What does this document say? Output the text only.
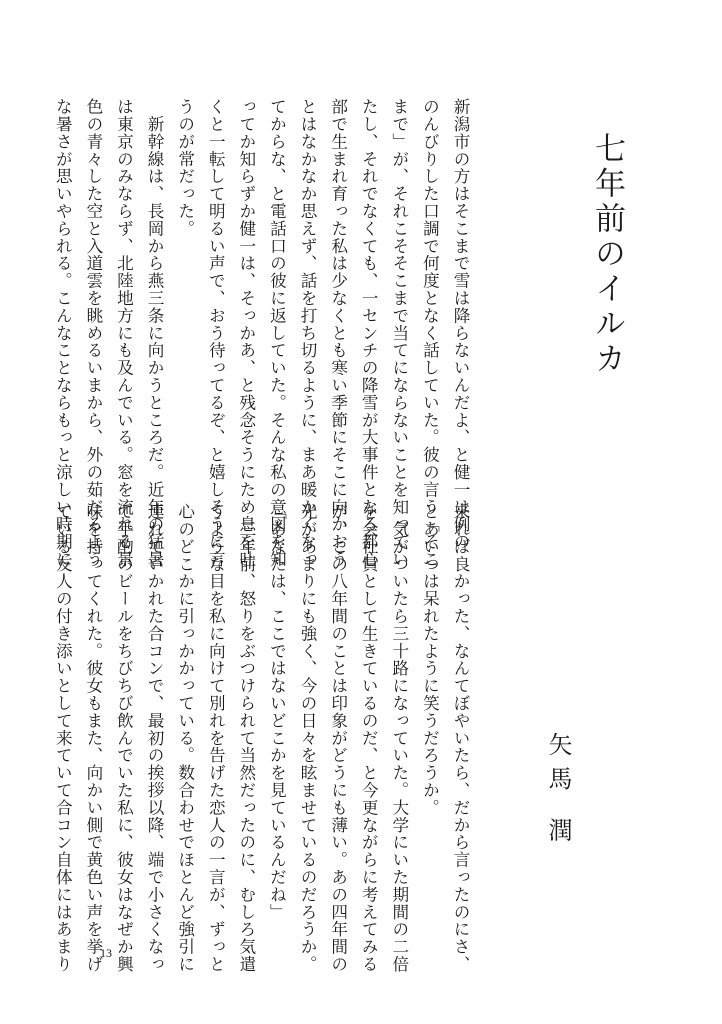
七年前のイルカ
矢馬 潤
新潟市の方はそこまで雪は降らないんだよ、と健一は例の
のんびりした口調で何度となく話していた。彼の言う「そこ
まで」が、それこそそこまで当てにならないことを知ってい
たし、それでなくても、一センチの降雪が大事件となる都心
部で生まれ育った私は少なくとも寒い季節にそこに向かおう
とはなかなか思えず、話を打ち切るように、まあ暖かくなっ
てからな、と電話口の彼に返していた。そんな私の意図を知
ってか知らずか健一は、そっかあ、と残念そうにため息を吐
くと一転して明るい声で、おう待ってるぞ、と嬉しそうに言
うのが常だった。
　新幹線は、長岡から燕三条に向かうところだ。近年の猛暑
は東京のみならず、北陸地方にも及んでいる。窓を流れる景
色の青々した空と入道雲を眺めるいまから、外の茹だるよう
な暑さが思いやられる。こんなことならもっと涼しい時期に
来れば良かった、なんてぼやいたら、だから言ったのにさ、
とあいつは呆れたように笑うだろうか。
　気がついたら三十路になっていた。大学にいた期間の二倍
を会社員として生きているのだ、と今更ながらに考えてみる
が、この八年間のことは印象がどうにも薄い。あの四年間の
光があまりにも強く、今の日々を眩ませているのだろうか。
「あなたは、ここではないどこかを見ているんだね」
　三年前、怒りをぶつけられて当然だったのに、むしろ気遣
うような目を私に向けて別れを告げた恋人の一言が、ずっと
心のどこかに引っかかっている。数合わせでほとんど強引に
連れていかれた合コンで、最初の挨拶以降、端で小さくなっ
て手酌のビールをちびちび飲んでいた私に、彼女はなぜか興
味を持ってくれた。彼女もまた、向かい側で黄色い声を挙げ
ている友人の付き添いとして来ていて合コン自体にはあまり	13
